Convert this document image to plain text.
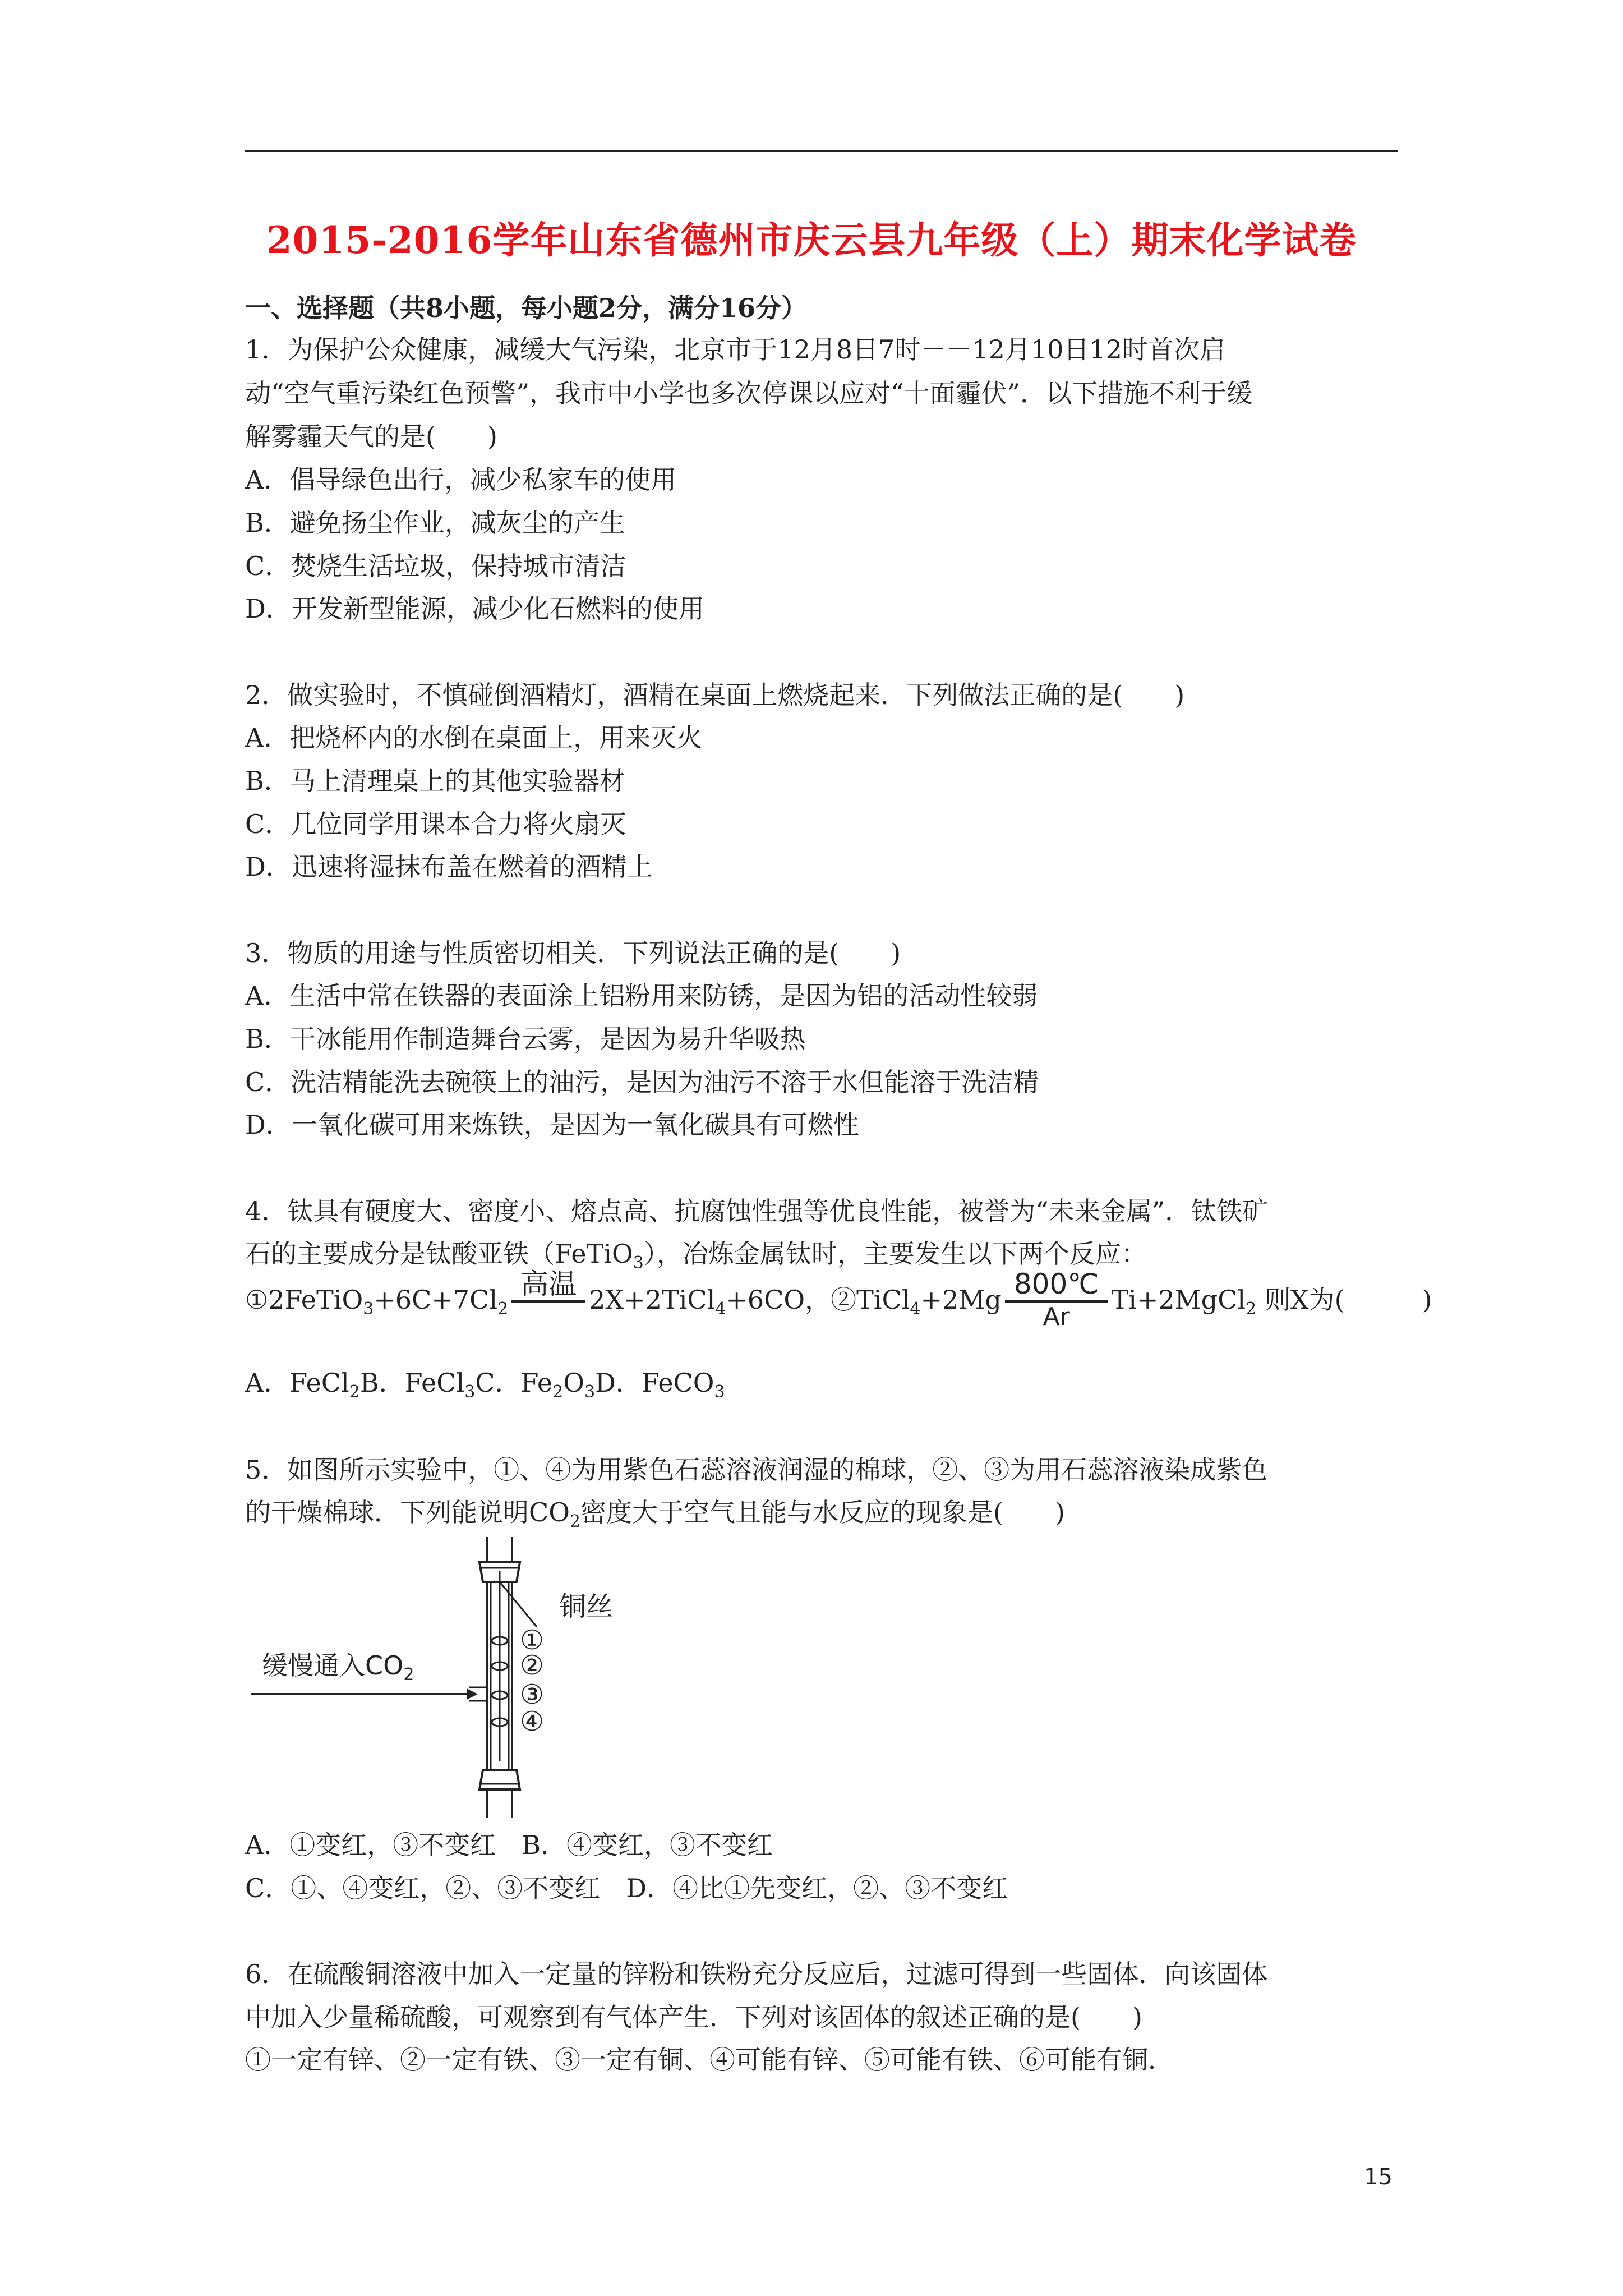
2015-2016学年山东省德州市庆云县九年级（上）期末化学试卷
一、选择题（共8小题，每小题2分，满分16分）
1．为保护公众健康，减缓大气污染，北京市于12月8日7时－－12月10日12时首次启
动“空气重污染红色预警”，我市中小学也多次停课以应对“十面霾伏”．以下措施不利于缓
解雾霾天气的是(　　)
A．倡导绿色出行，减少私家车的使用
B．避免扬尘作业，减灰尘的产生
C．焚烧生活垃圾，保持城市清洁
D．开发新型能源，减少化石燃料的使用
2．做实验时，不慎碰倒酒精灯，酒精在桌面上燃烧起来．下列做法正确的是(　　)
A．把烧杯内的水倒在桌面上，用来灭火
B．马上清理桌上的其他实验器材
C．几位同学用课本合力将火扇灭
D．迅速将湿抹布盖在燃着的酒精上
3．物质的用途与性质密切相关．下列说法正确的是(　　)
A．生活中常在铁器的表面涂上铝粉用来防锈，是因为铝的活动性较弱
B．干冰能用作制造舞台云雾，是因为易升华吸热
C．洗洁精能洗去碗筷上的油污，是因为油污不溶于水但能溶于洗洁精
D．一氧化碳可用来炼铁，是因为一氧化碳具有可燃性
4．钛具有硬度大、密度小、熔点高、抗腐蚀性强等优良性能，被誉为“未来金属”．钛铁矿
石的主要成分是钛酸亚铁（FeTiO$_3$），冶炼金属钛时，主要发生以下两个反应：
$①2FeTiO_3+6C+7Cl_2$
高温
2X+2TiCl$_4$+6CO，②TiCl$_4$+2Mg $\frac{800℃}{Ar}$ Ti+2MgCl$_2$ 则X为(　　　)
A．FeCl$_2$B．FeCl$_3$C．$Fe_2O_3D$．FeCO$_3$
5．如图所示实验中，①、④为用紫色石蕊溶液润湿的棉球，②、③为用石蕊溶液染成紫色
的干燥棉球．下列能说明$CO_2$密度大于空气且能与水反应的现象是(　　)
缓慢通入$CO_2$
铜丝
①
②
③
④
A．①变红，③不变红　B．④变红，③不变红
C．①、④变红，②、③不变红　D．④比①先变红，②、③不变红
6．在硫酸铜溶液中加入一定量的锌粉和铁粉充分反应后，过滤可得到一些固体．向该固体
中加入少量稀硫酸，可观察到有气体产生．下列对该固体的叙述正确的是(　　)
①一定有锌、②一定有铁、③一定有铜、④可能有锌、⑤可能有铁、⑥可能有铜．
15
